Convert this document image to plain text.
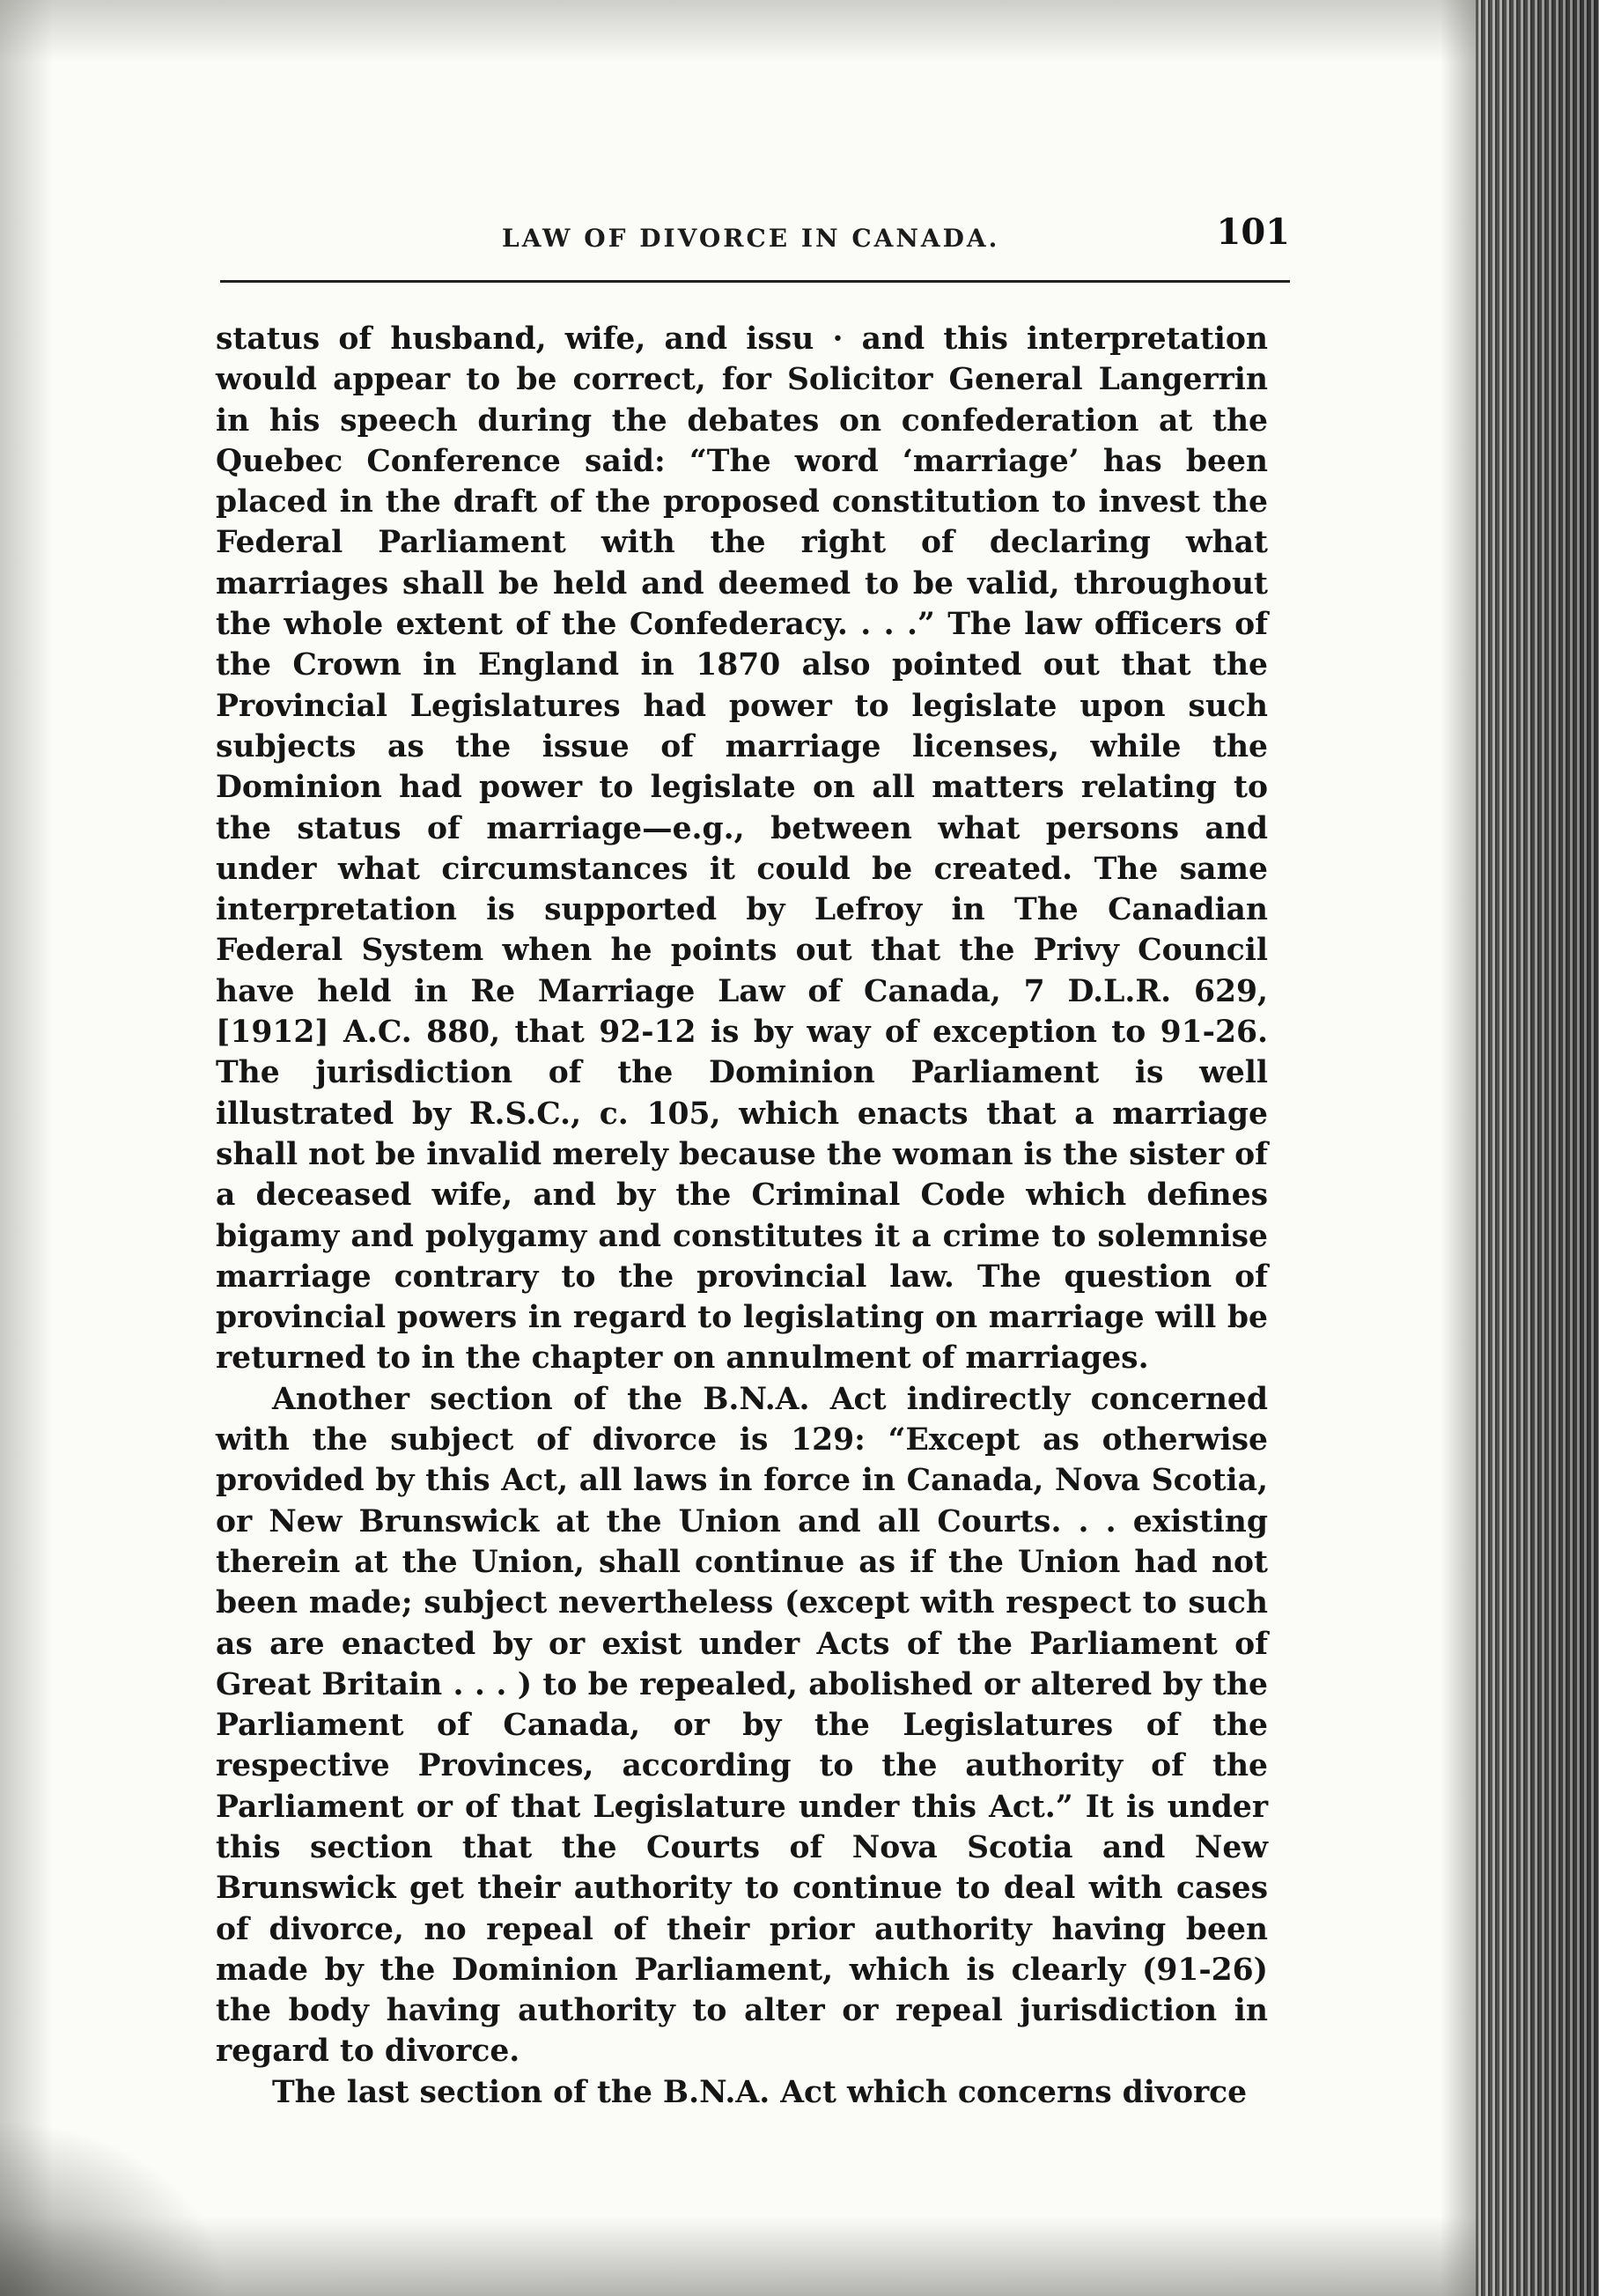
LAW OF DIVORCE IN CANADA.	101

status of husband, wife, and issu · and this interpretation would appear to be correct, for Solicitor General Langerrin in his speech during the debates on confederation at the Quebec Conference said: “The word ‘marriage’ has been placed in the draft of the proposed constitution to invest the Federal Parliament with the right of declaring what marriages shall be held and deemed to be valid, throughout the whole extent of the Confederacy. . . .” The law officers of the Crown in England in 1870 also pointed out that the Provincial Legislatures had power to legislate upon such subjects as the issue of marriage licenses, while the Dominion had power to legislate on all matters relating to the status of marriage—e.g., between what persons and under what circumstances it could be created. The same interpretation is supported by Lefroy in The Canadian Federal System when he points out that the Privy Council have held in Re Marriage Law of Canada, 7 D.L.R. 629, [1912] A.C. 880, that 92-12 is by way of exception to 91-26. The jurisdiction of the Dominion Parliament is well illustrated by R.S.C., c. 105, which enacts that a marriage shall not be invalid merely because the woman is the sister of a deceased wife, and by the Criminal Code which defines bigamy and polygamy and constitutes it a crime to solemnise marriage contrary to the provincial law. The question of provincial powers in regard to legislating on marriage will be returned to in the chapter on annulment of marriages.

Another section of the B.N.A. Act indirectly concerned with the subject of divorce is 129: “Except as otherwise provided by this Act, all laws in force in Canada, Nova Scotia, or New Brunswick at the Union and all Courts. . . existing therein at the Union, shall continue as if the Union had not been made; subject nevertheless (except with respect to such as are enacted by or exist under Acts of the Parliament of Great Britain . . . ) to be repealed, abolished or altered by the Parliament of Canada, or by the Legislatures of the respective Provinces, according to the authority of the Parliament or of that Legislature under this Act.” It is under this section that the Courts of Nova Scotia and New Brunswick get their authority to continue to deal with cases of divorce, no repeal of their prior authority having been made by the Dominion Parliament, which is clearly (91-26) the body having authority to alter or repeal jurisdiction in regard to divorce.

The last section of the B.N.A. Act which concerns divorce
